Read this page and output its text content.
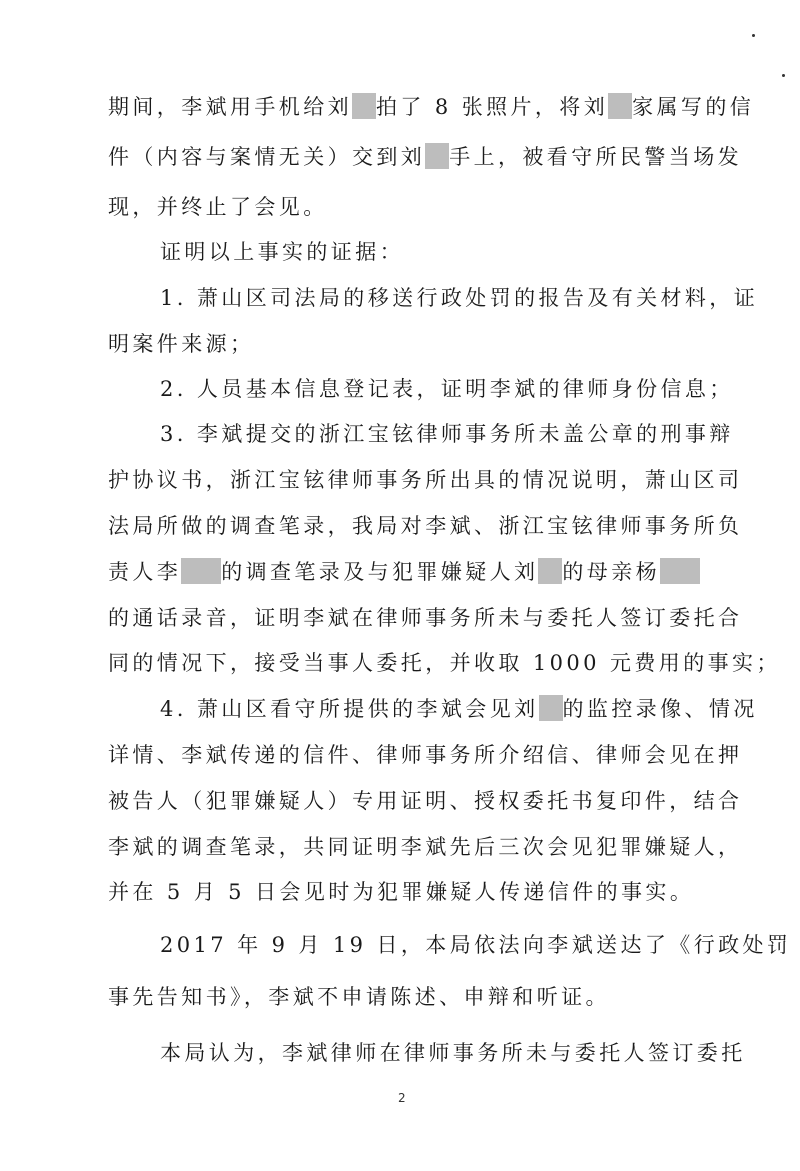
期间，李斌用手机给刘 拍了 8 张照片，将刘 家属写的信
件（内容与案情无关）交到刘 手上，被看守所民警当场发
现，并终止了会见。
证明以上事实的证据：
1. 萧山区司法局的移送行政处罚的报告及有关材料，证
明案件来源；
2. 人员基本信息登记表，证明李斌的律师身份信息；
3. 李斌提交的浙江宝铉律师事务所未盖公章的刑事辩
护协议书，浙江宝铉律师事务所出具的情况说明，萧山区司
法局所做的调查笔录，我局对李斌、浙江宝铉律师事务所负
责人李 的调查笔录及与犯罪嫌疑人刘 的母亲杨
的通话录音，证明李斌在律师事务所未与委托人签订委托合
同的情况下，接受当事人委托，并收取 1000 元费用的事实；
4. 萧山区看守所提供的李斌会见刘 的监控录像、情况
详情、李斌传递的信件、律师事务所介绍信、律师会见在押
被告人（犯罪嫌疑人）专用证明、授权委托书复印件，结合
李斌的调查笔录，共同证明李斌先后三次会见犯罪嫌疑人，
并在 5 月 5 日会见时为犯罪嫌疑人传递信件的事实。
2017 年 9 月 19 日，本局依法向李斌送达了《行政处罚
事先告知书》，李斌不申请陈述、申辩和听证。
本局认为，李斌律师在律师事务所未与委托人签订委托
2
